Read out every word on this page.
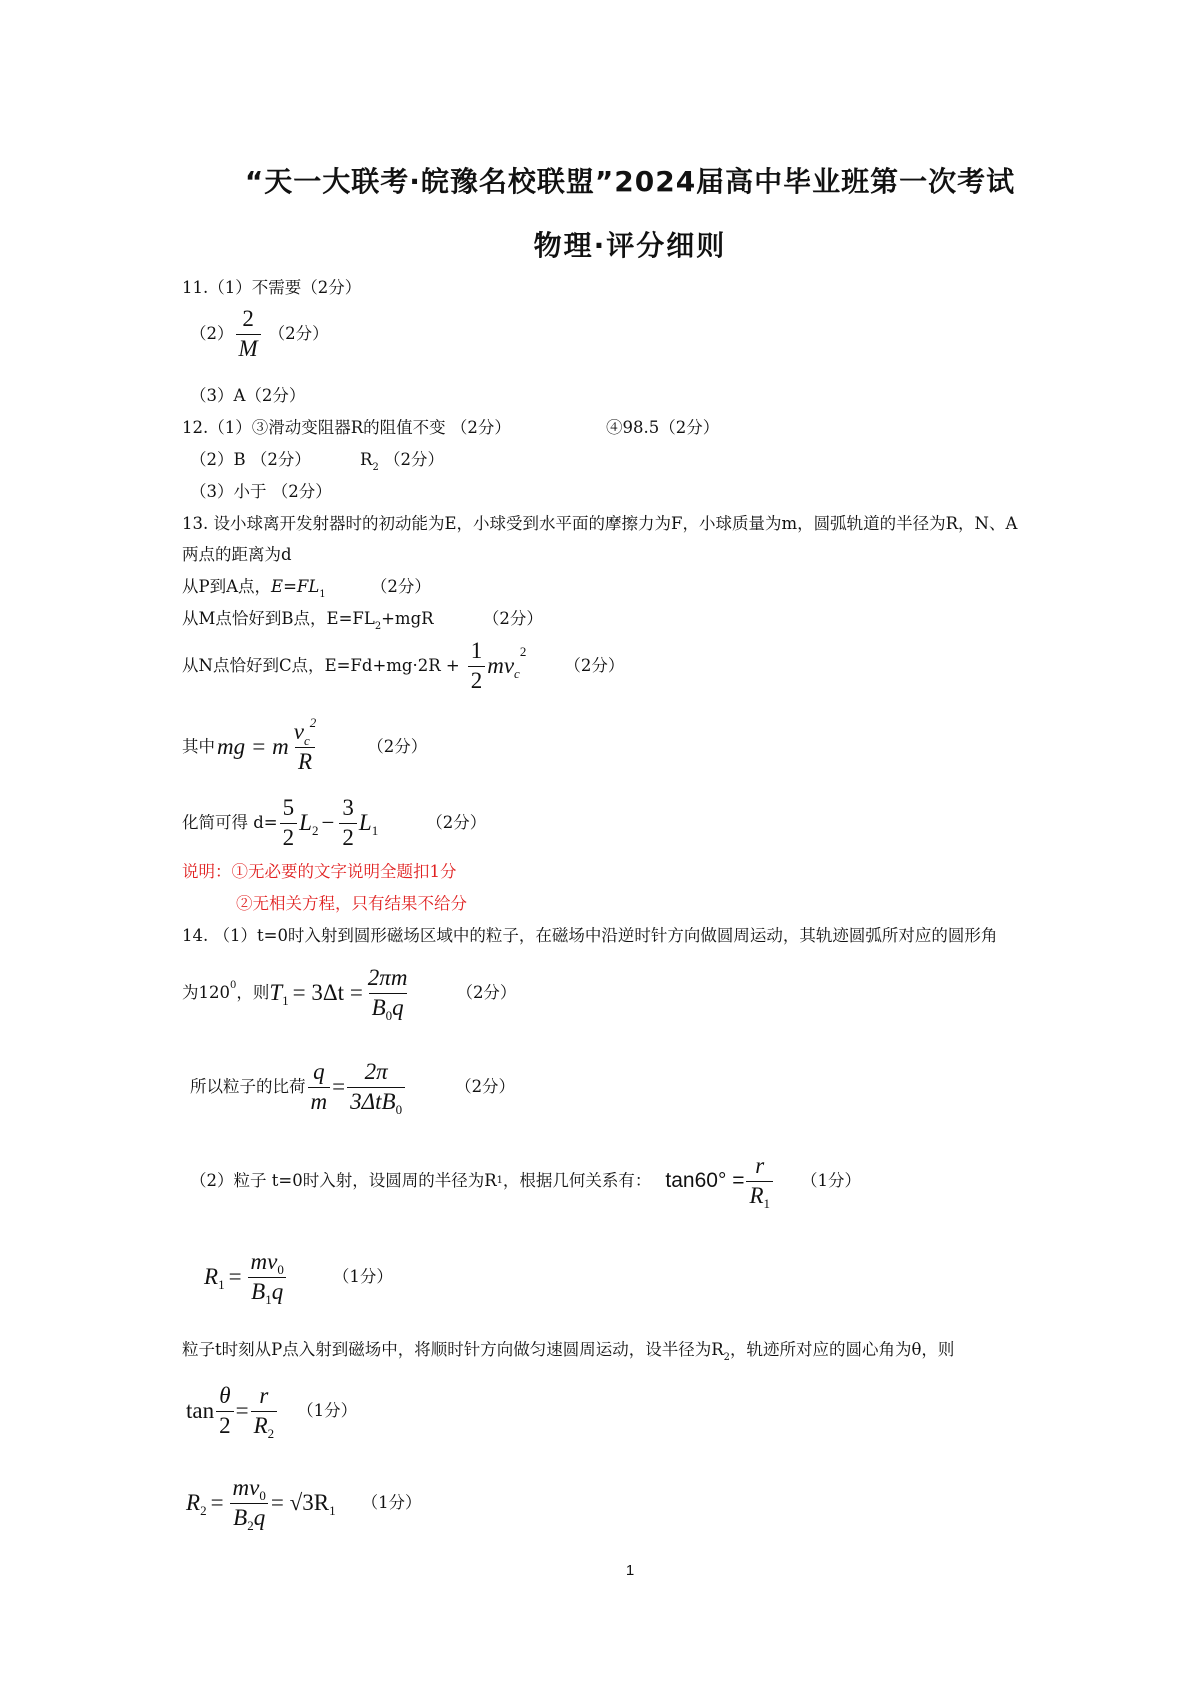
“天一大联考·皖豫名校联盟”2024届高中毕业班第一次考试
物理·评分细则
11.（1）不需要（2分）
$(2) \frac{2}{M} (2$分）
（3）A（2分）
12.（1）③滑动变阻器R的阻值不变 （2分）	④98.5（2分）
（2）B （2分）	$R_2$ （2分）
（3）小于 （2分）
13. 设小球离开发射器时的初动能为E，小球受到水平面的摩擦力为F，小球质量为m，圆弧轨道的半径为R，N、A
两点的距离为d
从P到A点，$E=FL_1$	（2分）
从M点恰好到B点，$E=FL_2+mgR$	（2分）
从N点恰好到C点， $E=Fd+mg\cdot 2R + \frac{1}{2}$ mv c
2
（2分）
其中 mg = m $\frac{v_c^2}{R}$	（2分）
化简可得 $d= \frac{5}{2}$ L $2 - \frac{3}{2}$ L 1	（2分）
说明：①无必要的文字说明全题扣1分
②无相关方程，只有结果不给分
14. （1）t=0时入射到圆形磁场区域中的粒子，在磁场中沿逆时针方向做圆周运动，其轨迹圆弧所对应的圆形角
为120 0 ，则 T $1 = 3\Delta t = \frac{2\pi m}{B_0q}$	（2分）
所以粒子的比荷 $\frac{q}{m} = \frac{2\pi}{3\Delta tB_0}$	（2分）
（2）粒子 t=0时入射，设圆周的半径为R 1 ，根据几何关系有： $\tan 60^\circ = \frac{r}{R_1} (1$分）
R $1 = \frac{mv_0}{B_1q}$	（1分）
粒子t时刻从P点入射到磁场中，将顺时针方向做匀速圆周运动，设半径为$R_2$，轨迹所对应的圆心角为θ，则
$\tan \frac{\theta}{2} = \frac{r}{R_2} (1$分）
R $2 = \frac{mv_0}{B_2q} = √3R$ 1 （1分）
1
